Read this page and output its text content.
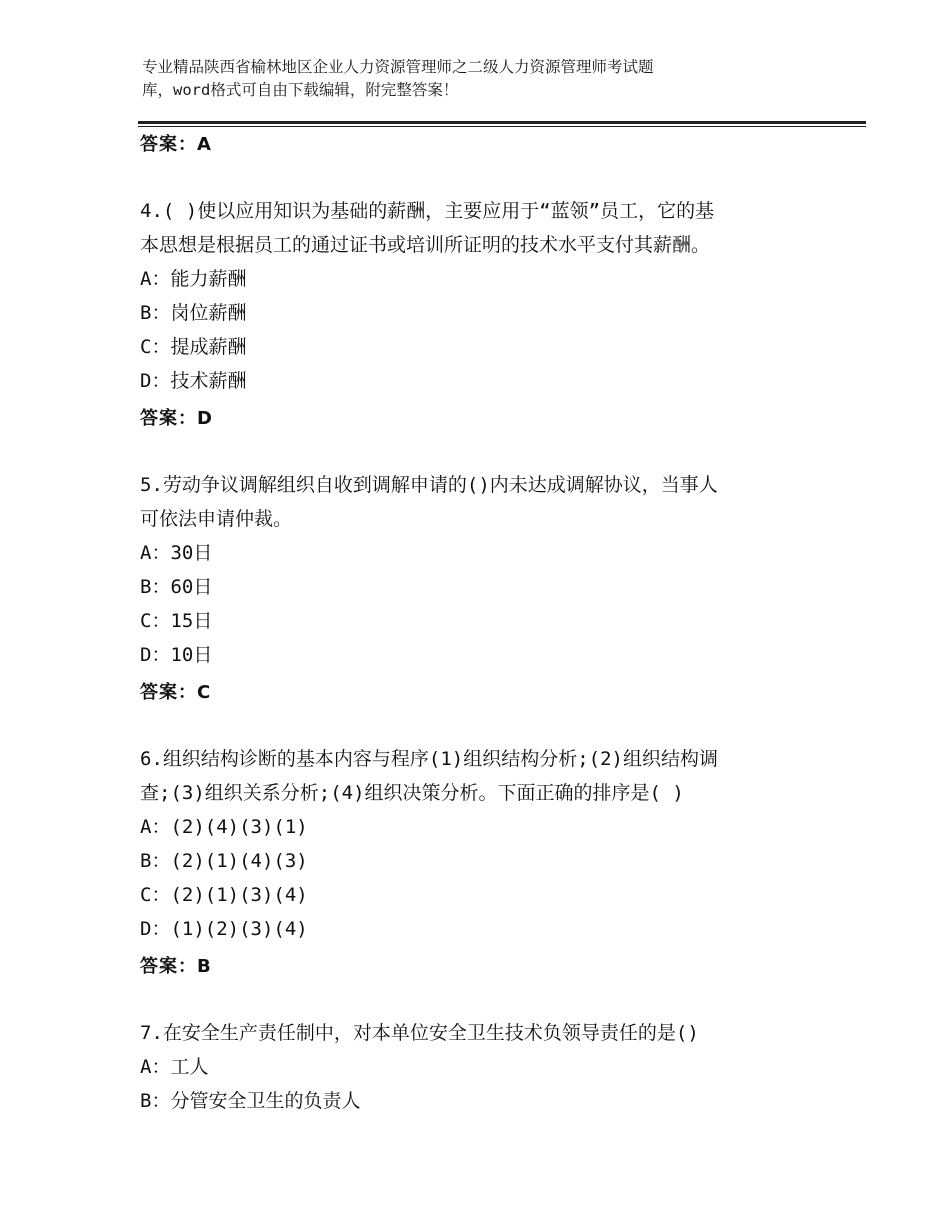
专业精品陕西省榆林地区企业人力资源管理师之二级人力资源管理师考试题
库，word格式可自由下载编辑，附完整答案！
答案：A
4.( )使以应用知识为基础的薪酬，主要应用于“蓝领”员工，它的基
本思想是根据员工的通过证书或培训所证明的技术水平支付其薪酬。
A：能力薪酬
B：岗位薪酬
C：提成薪酬
D：技术薪酬
答案：D
5.劳动争议调解组织自收到调解申请的()内未达成调解协议，当事人
可依法申请仲裁。
A：30日
B：60日
C：15日
D：10日
答案：C
6.组织结构诊断的基本内容与程序(1)组织结构分析;(2)组织结构调
查;(3)组织关系分析;(4)组织决策分析。下面正确的排序是( )
A：(2)(4)(3)(1)
B：(2)(1)(4)(3)
C：(2)(1)(3)(4)
D：(1)(2)(3)(4)
答案：B
7.在安全生产责任制中，对本单位安全卫生技术负领导责任的是()
A：工人
B：分管安全卫生的负责人
